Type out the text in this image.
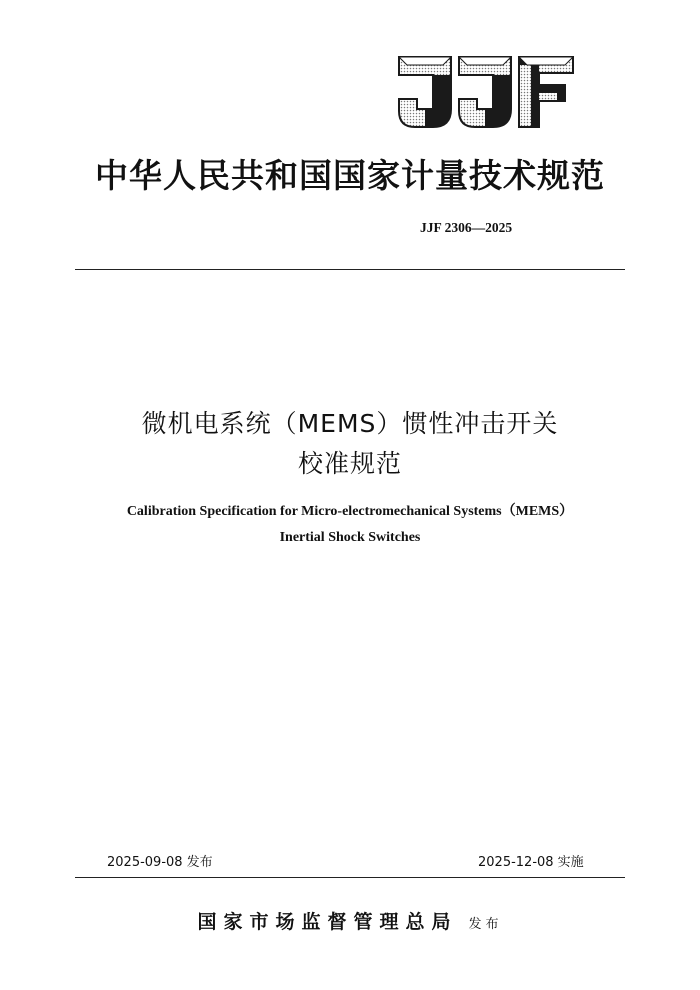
中华人民共和国国家计量技术规范
JJF 2306—2025
微机电系统（MEMS）惯性冲击开关
校准规范
Calibration Specification for Micro-electromechanical Systems（MEMS）
Inertial Shock Switches
2025-09-08 发布	2025-12-08 实施
国家市场监督管理总局 发布
